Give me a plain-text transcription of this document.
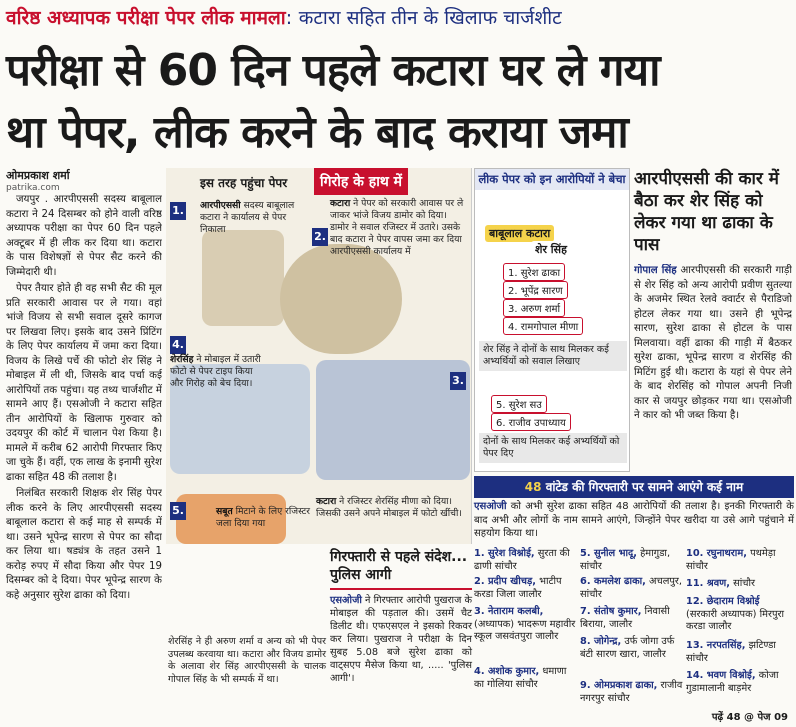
वरिष्ठ अध्यापक परीक्षा पेपर लीक मामला: कटारा सहित तीन के खिलाफ चार्जशीट
परीक्षा से 60 दिन पहले कटारा घर ले गया
था पेपर, लीक करने के बाद कराया जमा
ओमप्रकाश शर्मा
patrika.com

जयपुर . आरपीएससी सदस्य बाबूलाल कटारा ने 24 दिसम्बर को होने वाली वरिष्ठ अध्यापक परीक्षा का पेपर 60 दिन पहले अक्टूबर में ही लीक कर दिया था। कटारा के पास विशेषज्ञों से पेपर सैट करने की जिम्मेदारी थी।

पेपर तैयार होते ही वह सभी सैट की मूल प्रति सरकारी आवास पर ले गया। वहां भांजे विजय से सभी सवाल दूसरे कागज पर लिखवा लिए। इसके बाद उसने प्रिंटिंग के लिए पेपर कार्यालय में जमा करा दिया। विजय के लिखे पर्चे की फोटो शेर सिंह ने मोबाइल में ली थी, जिसके बाद पर्चा कई आरोपियों तक पहुंचा। यह तथ्य चार्जशीट में सामने आए हैं। एसओजी ने कटारा सहित तीन आरोपियों के खिलाफ गुरुवार को उदयपुर की कोर्ट में चालान पेश किया है। मामले में करीब 62 आरोपी गिरफ्तार किए जा चुके हैं। वहीं, एक लाख के इनामी सुरेश ढाका सहित 48 की तलाश है।

निलंबित सरकारी शिक्षक शेर सिंह पेपर लीक करने के लिए आरपीएससी सदस्य बाबूलाल कटारा से कई माह से सम्पर्क में था। उसने भूपेन्द्र सारण से पेपर का सौदा कर लिया था। षड्यंत्र के तहत उसने 1 करोड़ रुपए में सौदा किया और पेपर 19 दिसम्बर को दे दिया। पेपर भूपेन्द्र सारण के कहे अनुसार सुरेश ढाका को दिया।

इस तरह पहुंचा पेपर	गिरोह के हाथ में
1. आरपीएससी सदस्य बाबूलाल कटारा ने कार्यालय से पेपर निकाला
2.
कटारा ने पेपर को सरकारी आवास पर ले जाकर भांजे विजय डामोर को दिया। डामोर ने सवाल रजिस्टर में उतारे। उसके बाद कटारा ने पेपर वापस जमा कर दिया आरपीएससी कार्यालय में
4.
शेरसिंह ने मोबाइल में उतारी फोटो से पेपर टाइप किया और गिरोह को बेच दिया।	3.
कटारा ने रजिस्टर शेरसिंह मीणा को दिया। जिसकी उसने अपने मोबाइल में फोटो खींची।
5.	सबूत मिटाने के लिए रजिस्टर जला दिया गया
शेरसिंह ने ही अरुण शर्मा व अन्य को भी पेपर उपलब्ध करवाया था। कटारा और विजय डामोर के अलावा शेर सिंह आरपीएससी के चालक गोपाल सिंह के भी सम्पर्क में था।
लीक पेपर को इन आरोपियों ने बेचा
बाबूलाल कटारा
शेर सिंह
1. सुरेश ढाका
2. भूपेंद्र सारण
3. अरुण शर्मा
4. रामगोपाल मीणा
शेर सिंह ने दोनों के साथ मिलकर कई अभ्यर्थियों को सवाल लिखाए
5. सुरेश सउ
6. राजीव उपाध्याय
दोनों के साथ मिलकर कई अभ्यर्थियों को पेपर दिए
आरपीएससी की कार में बैठा कर शेर सिंह को लेकर गया था ढाका के पास
गोपाल सिंह आरपीएससी की सरकारी गाड़ी से शेर सिंह को अन्य आरोपी प्रवीण सुतल्या के अजमेर स्थित रेलवे क्वार्टर से पैराडिजो होटल लेकर गया था। उसने ही भूपेन्द्र सारण, सुरेश ढाका से होटल के पास मिलवाया। वहीं ढाका की गाड़ी में बैठकर सुरेश ढाका, भूपेन्द्र सारण व शेरसिंह की मिटिंग हुई थी। कटारा के यहां से पेपर लेने के बाद शेरसिंह को गोपाल अपनी निजी कार से जयपुर छोड़कर गया था। एसओजी ने कार को भी जब्त किया है।
48 वांटेड की गिरफ्तारी पर सामने आएंगे कई नाम
एसओजी को अभी सुरेश ढाका सहित 48 आरोपियों की तलाश है। इनकी गिरफ्तारी के बाद अभी और लोगों के नाम सामने आएंगे, जिन्होंने पेपर खरीदा या उसे आगे पहुंचाने में सहयोग किया था।
1. सुरेश विश्नोई, सुरता की ढाणी सांचौर
2. प्रदीप खीचड़, भाटीप करडा जिला जालौर
3. नेताराम कलबी, (अध्यापक) भादरूण महावीर स्कूल जसवंतपुरा जालौर
4. अशोक कुमार, धमाणा का गोलिया सांचौर
5. सुनील भादू, हेमागुडा, सांचौर
6. कमलेश ढाका, अचलपुर, सांचौर
7. संतोष कुमार, निवासी बिराया, जालौर
8. जोगेन्द्र, उर्फ जोगा उर्फ बंटी सारण खारा, जालौर
9. ओमप्रकाश ढाका, राजीव नगरपुर सांचौर
10. रघुनाथराम, पथमेड़ा सांचौर
11. श्रवण, सांचौर
12. छेदाराम विश्नोई (सरकारी अध्यापक) मिरपुरा करडा जालौर
13. नरपतसिंह, झटिण्डा सांचौर
14. भवण विश्नोई, कोजा गुडामालानी बाड़मेर
गिरफ्तारी से पहले संदेश... पुलिस आगी
एसओजी ने गिरफ्तार आरोपी पुखराज के मोबाइल की पड़ताल की। उसमें चैट डिलीट थी। एफएसएल ने इसको रिकवर कर लिया। पुखराज ने परीक्षा के दिन सुबह 5.08 बजे सुरेश ढाका को वाट्सएप मैसेज किया था, ..... 'पुलिस आगी'।
पढ़ें 48 @ पेज 09
